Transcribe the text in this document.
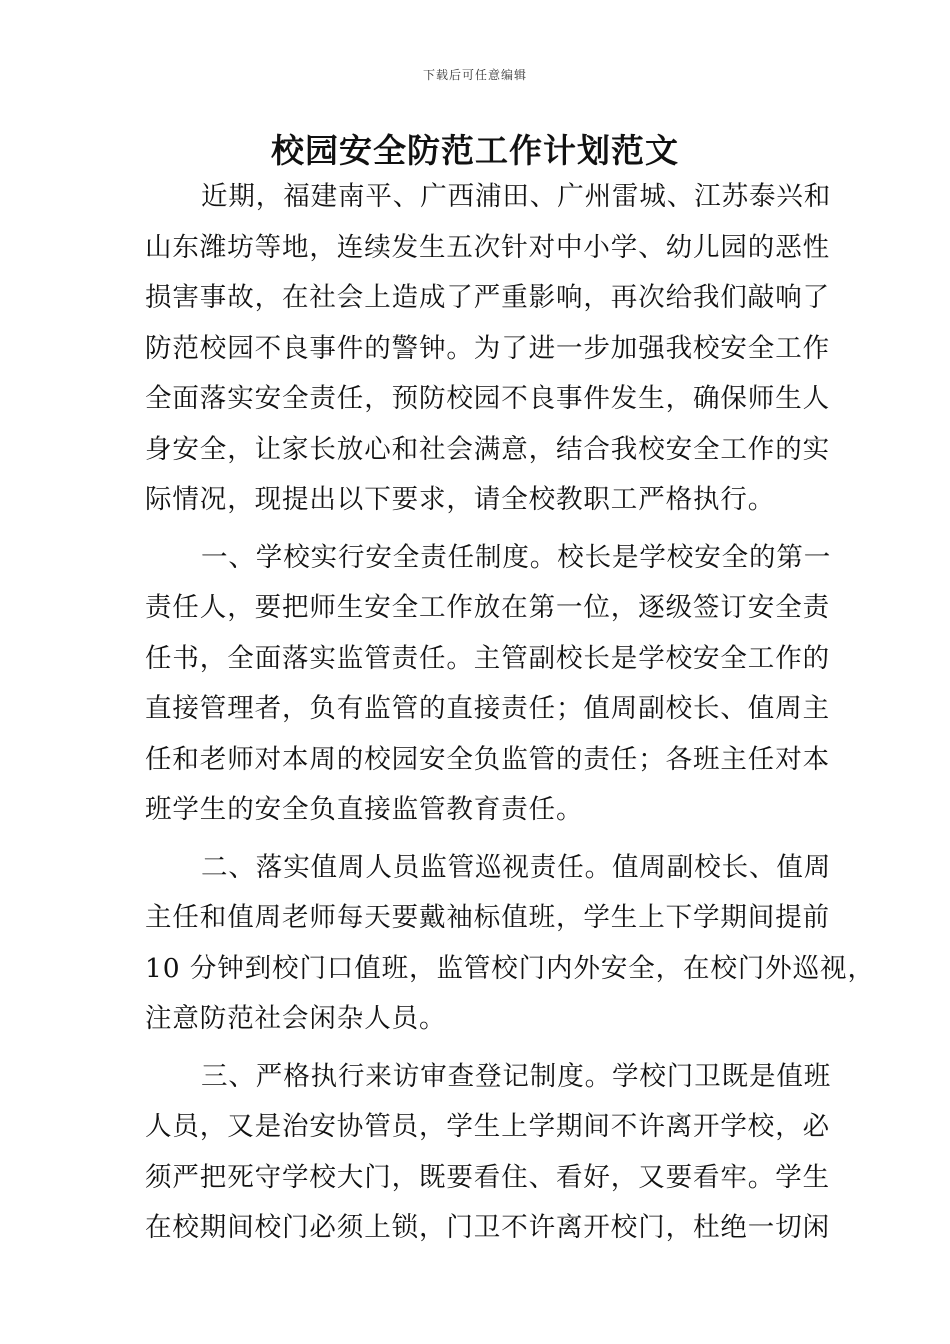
下载后可任意编辑
校园安全防范工作计划范文
近期，福建南平、广西浦田、广州雷城、江苏泰兴和
山东潍坊等地，连续发生五次针对中小学、幼儿园的恶性
损害事故，在社会上造成了严重影响，再次给我们敲响了
防范校园不良事件的警钟。为了进一步加强我校安全工作
全面落实安全责任，预防校园不良事件发生，确保师生人
身安全，让家长放心和社会满意，结合我校安全工作的实
际情况，现提出以下要求，请全校教职工严格执行。
一、学校实行安全责任制度。校长是学校安全的第一
责任人，要把师生安全工作放在第一位，逐级签订安全责
任书，全面落实监管责任。主管副校长是学校安全工作的
直接管理者，负有监管的直接责任；值周副校长、值周主
任和老师对本周的校园安全负监管的责任；各班主任对本
班学生的安全负直接监管教育责任。
二、落实值周人员监管巡视责任。值周副校长、值周
主任和值周老师每天要戴袖标值班，学生上下学期间提前
10 分钟到校门口值班，监管校门内外安全，在校门外巡视，
注意防范社会闲杂人员。
三、严格执行来访审查登记制度。学校门卫既是值班
人员，又是治安协管员，学生上学期间不许离开学校，必
须严把死守学校大门，既要看住、看好，又要看牢。学生
在校期间校门必须上锁，门卫不许离开校门，杜绝一切闲
